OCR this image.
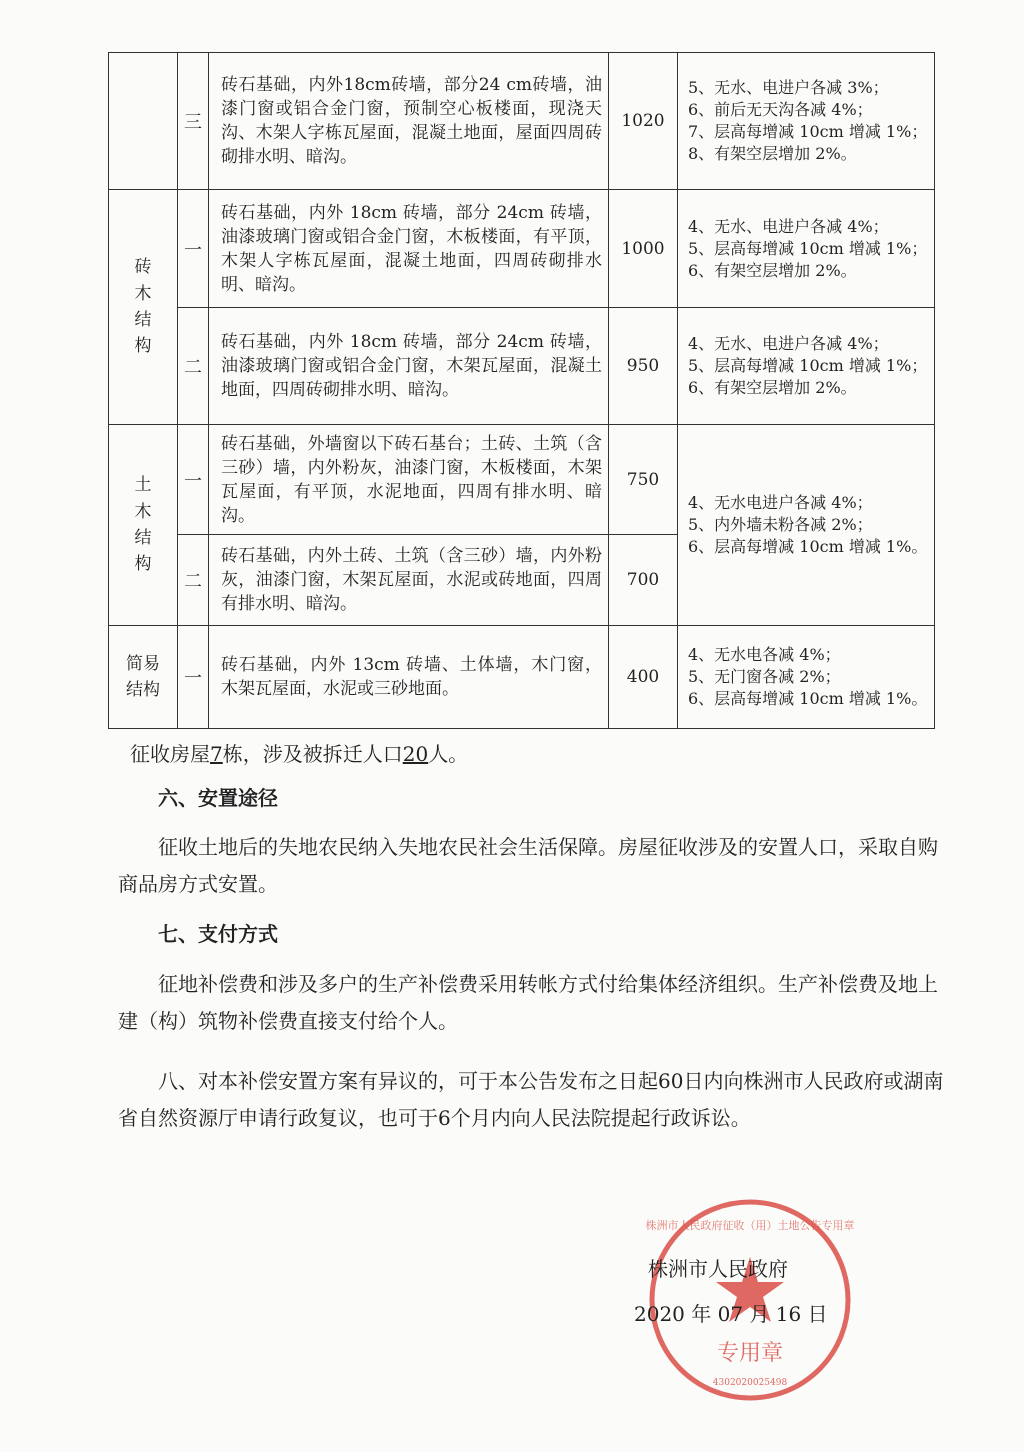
	三	砖石基础，内外18cm砖墙，部分24 cm砖墙，油漆门窗或铝合金门窗，预制空心板楼面，现浇天沟、木架人字栋瓦屋面，混凝土地面，屋面四周砖砌排水明、暗沟。	1020	5、无水、电进户各减 3%；
6、前后无天沟各减 4%；
7、层高每增减 10cm 增减 1%；
8、有架空层增加 2%。

砖木结构	一	砖石基础，内外 18cm 砖墙，部分 24cm 砖墙，油漆玻璃门窗或铝合金门窗，木板楼面，有平顶，木架人字栋瓦屋面，混凝土地面，四周砖砌排水明、暗沟。	1000	4、无水、电进户各减 4%；
5、层高每增减 10cm 增减 1%；
6、有架空层增加 2%。

	二	砖石基础，内外 18cm 砖墙，部分 24cm 砖墙，油漆玻璃门窗或铝合金门窗，木架瓦屋面，混凝土地面，四周砖砌排水明、暗沟。	950	4、无水、电进户各减 4%；
5、层高每增减 10cm 增减 1%；
6、有架空层增加 2%。

土木结构	一	砖石基础，外墙窗以下砖石基台；土砖、土筑（含三砂）墙，内外粉灰，油漆门窗，木板楼面，木架瓦屋面，有平顶，水泥地面，四周有排水明、暗沟。	750	4、无水电进户各减 4%；
5、内外墙未粉各减 2%；
6、层高每增减 10cm 增减 1%。

	二	砖石基础，内外土砖、土筑（含三砂）墙，内外粉灰，油漆门窗，木架瓦屋面，水泥或砖地面，四周有排水明、暗沟。	700	
简易结构	一	砖石基础，内外 13cm 砖墙、土体墙，木门窗，木架瓦屋面，水泥或三砂地面。	400	4、无水电各减 4%；
5、无门窗各减 2%；
6、层高每增减 10cm 增减 1%。

征收房屋7栋，涉及被拆迁人口20人。

六、安置途径

征收土地后的失地农民纳入失地农民社会生活保障。房屋征收涉及的安置人口，采取自购商品房方式安置。

七、支付方式

征地补偿费和涉及多户的生产补偿费采用转帐方式付给集体经济组织。生产补偿费及地上建（构）筑物补偿费直接支付给个人。

八、对本补偿安置方案有异议的，可于本公告发布之日起60日内向株洲市人民政府或湖南省自然资源厅申请行政复议，也可于6个月内向人民法院提起行政诉讼。

专用章
4302020025498
株洲市人民政府征收（用）土地公告专用章
株洲市人民政府
2020 年 07 月 16 日
